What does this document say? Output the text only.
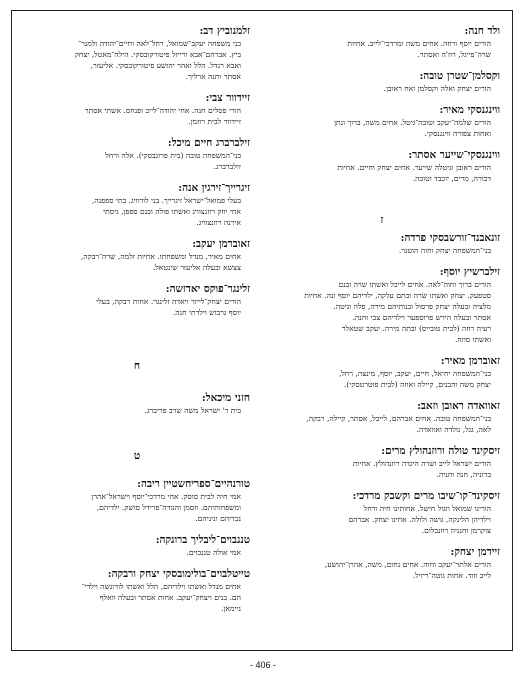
ולד חנה:
הורים יוסף ורוזה. אחים משה ומרדכי־לייב. אחיות
שרה־פייגל, רוז'ה ואסתר.
וקסלמן־שטרן טובה:
הורים יצחק ואלה וקסלמן ואח ראובן.
ווינגנסקי מאיר:
הורים שלמה־יעקב וטובה־גיטל. אחים משה, ברוך ונתן
ואחות צפורה ווינגנסקי.
ווינגנסקי־שייער אסתר:
הורים ראובן וגיטלה שייער. אחים יצחק וחיים. אחיות
דבורה, מרים, יוכבד וטובה.
ז
זונאבנד־זורשבסקי פרדה:
בני־המשפחה יצחק וחוה הוטנר.
זילברשיץ יוסף:
הורים ברוך וחוה־לאה. אחים לייבל ואשתו שרה ובנם
סטפעק. יצחק ואשתו שרה ובתם עלקה, ילדיהם יוסף ונה. אחיות
מלציה ובעלה יצחק פרסול ובנותיהם מירה, פלה וגיטה.
אסתר ובעלה הירש פרוספער וילדיהם צבי וחנה.
רעיה רוזה (לבית טובייס) ובתה מירה. יעקב שטאלר
ואשתו סוזה.
זאוברמן מאיר:
בני־המשפחה יחיאל, חיים, יעקב, יוסף, מינצה, רחל,
יצחק משה והבנים, קיילה ואוזה (לבית פוטרטסקי).
זאוואדה ראובן וזאב:
בני־המשפחה טובה. אחים אברהם, לייבל, אסתר, קיילה, רבקה,
לאה, גגל, גולדה ואוואדה.
זיסקינד טולה ורוזנהולץ מרים:
הורים ישראל לייב ושרה היגדה רוזנהולץ. אחיות
ברוניה, חנה וחניה.
זיסקינד־קו־שיבו מרים וקשבק מרדכי:
הורינו שמואל וזגול חישל. אחותינו חיה ורחל
וילדיהן הלינקה, גושה ולולה. אחינו יצחק. אברהם
צוקרמן וחנניה רוזנבלום.
זיידמן יצחק:
הורים אלתר־יעקב וחוה. אחים נחום, משה, אהרן־יהושע,
לייב וזוד. אחות גוטה־ריזיל.
זלמנוביץ דב:
בני משפחה יעקב־שמואל, רחל־לאה וחיים־יהודה ולמנר־
ביץ. אברהם־אבא ורייזל פיטורקובסקי. הילה־מאטל, יצחק
ואבא רנדל. הלל ואהר יהושע פיטורקובסקי. אליעזר,
אסתר וחנה ארליך.
זיידוור צבי:
הורי פסלים חנה. אחי יהודה־לייב ופנחס. אשתי אסתר
זיידוור לבית רוזמן.
זילברברג חיים מיכל:
בני־המשפחה טובה (בית פרוגבסקי). אלה ורחל
זילברברג.
זיגרייך־זירגין אנה:
בעלי פמואל־ישראל זיגרייך. בני לודוויג. בתי ספפנה,
אחי יוזק רוזנצוויג ואשתו פולה ובנם ספפן, גיסתי
אירנה רוזנצוויג.
זאוברמן יעקב:
אחים מאיר, מנדל ומשפחתו. אחיות זלמה, שרה־רבקה,
צצשא ובעלה אליעזר שינטאל.
זלינגר־פוקס יאדזשה:
הורים יצחק־לייזר ויאדה זלינגר. אחות רבקה, בעלי
יוסף גרבוש וילדתי חנה.
ח
חזני מיכאל:
בית ר' ישראל משה שרב פריברג.
ט
טורנהיים־ספריחשטיין ריבה:
אמי חיה לבית סוסק. אחי מרדכי־יוסף וישראל־אהרן
ומשפחותיהם. וזסמן והנודה־פרידל סושק. ילדיהם,
נכדיהם וניניהם.
טננבוים־ליבליך ברונקה:
אמי אולה טננבוים.
טייטלבוים־בולימובסקי יצחק ורבקה:
אחים מנדל ואשתו וילדיהם, הלל ואשתו לודוגשה וילדי־
הם. בנים ויצחק־יעקב. אחות אסתר ובעלה וואלף
ניימאן.
- 406 -
